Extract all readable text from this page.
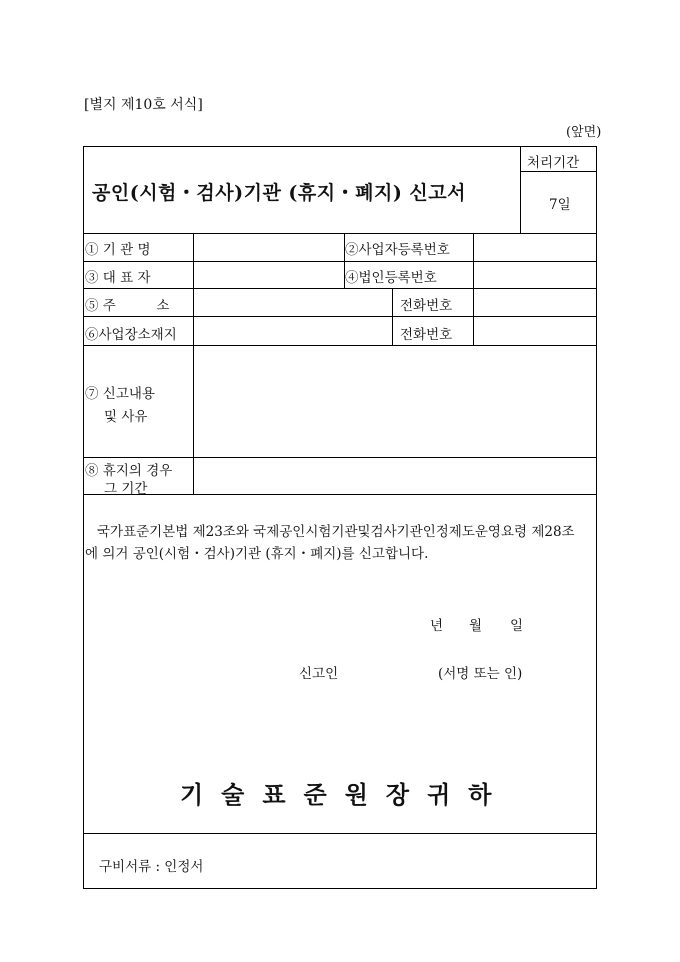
[별지 제10호 서식]
(앞면)
공인(시험・검사)기관 (휴지・폐지) 신고서
처리기간
7일
① 기 관 명	②사업자등록번호
③ 대 표 자	④법인등록번호
⑤ 주　　　소	전화번호
⑥사업장소재지	전화번호
⑦ 신고내용
및 사유
⑧ 휴지의 경우
그 기간
국가표준기본법 제23조와 국제공인시험기관및검사기관인정제도운영요령 제28조
에 의거 공인(시험・검사)기관 (휴지・폐지)를 신고합니다.
년 월 일
신고인	(서명 또는 인)
기술표준원장귀하
구비서류 : 인정서
